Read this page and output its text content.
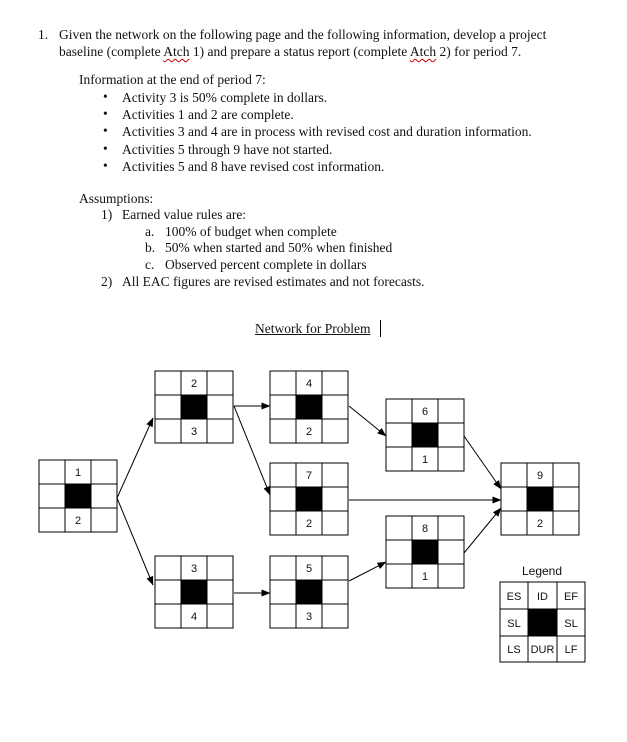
1. Given the network on the following page and the following information, develop a project
baseline (complete Atch 1) and prepare a status report (complete Atch 2) for period 7.
Information at the end of period 7:
• Activity 3 is 50% complete in dollars.
• Activities 1 and 2 are complete.
• Activities 3 and 4 are in process with revised cost and duration information.
• Activities 5 through 9 have not started.
• Activities 5 and 8 have revised cost information.
Assumptions:
1) Earned value rules are:
a. 100% of budget when complete
b. 50% when started and 50% when finished
c. Observed percent complete in dollars
2) All EAC figures are revised estimates and not forecasts.
Network for Problem
1
2
2
3
3
4
4
2
7
2
5
3
6
1
8
1
9
2
Legend
ES ID EF
SL	SL
LS DUR LF
